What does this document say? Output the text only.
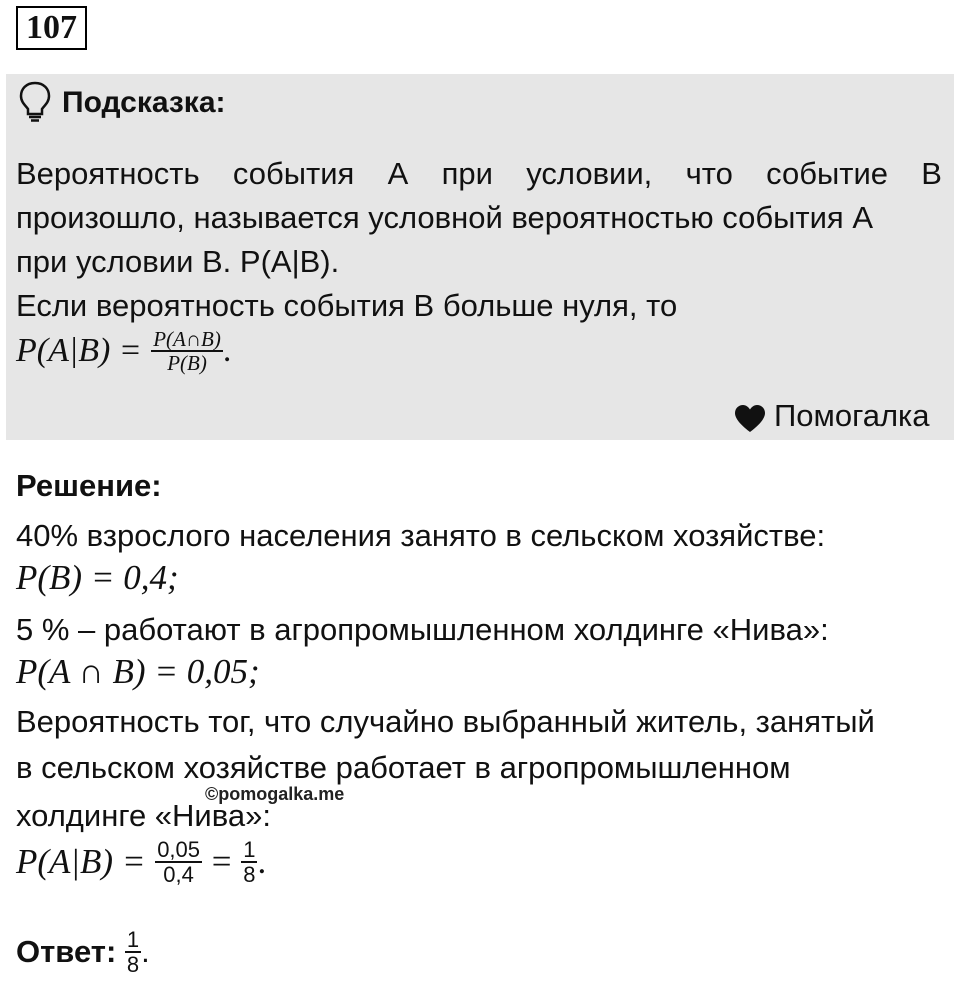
107
Подсказка:
Вероятность события А при условии, что событие В
произошло, называется условной вероятностью события А
при условии В. Р(А|В).
Если вероятность события В больше нуля, то
$P(A|B) = \frac{P(A\cap B)}{P(B)}$ .
Помогалка
Решение:
40% взрослого населения занято в сельском хозяйстве:
P(B) = 0,4;
5 % – работают в агропромышленном холдинге «Нива»:
P(A ∩ B) = 0,05;
Вероятность тог, что случайно выбранный житель, занятый
в сельском хозяйстве работает в агропромышленном
холдинге «Нива»:
©pomogalka.me
$P(A|B) = \frac{0,05}{0,4} = \frac{1}{8}$ .
Ответ: $\frac{1}{8}$ .
